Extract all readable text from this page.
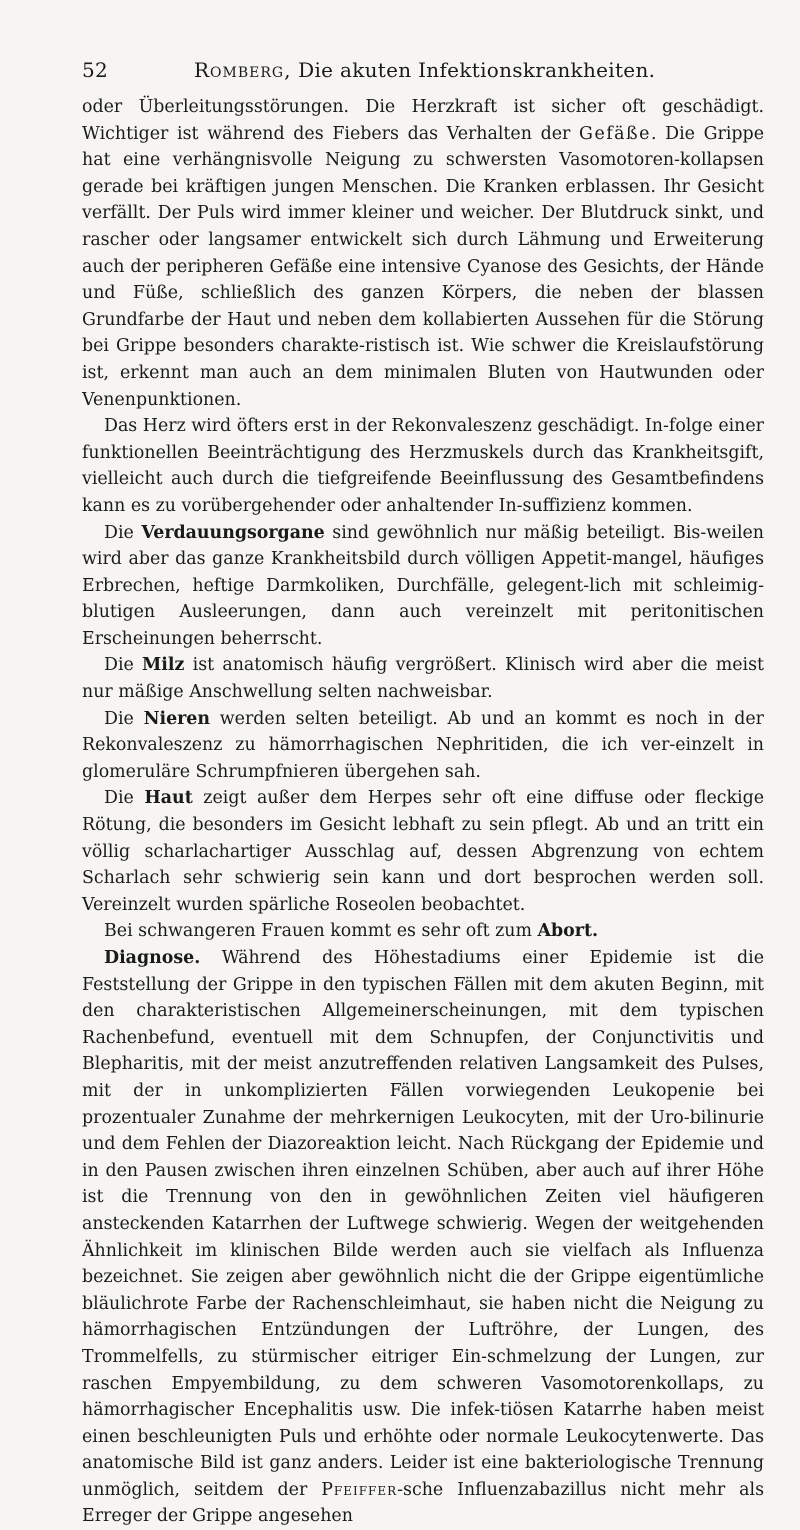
52	Romberg, Die akuten Infektionskrankheiten.

oder Überleitungsstörungen. Die Herzkraft ist sicher oft geschädigt. Wichtiger ist während des Fiebers das Verhalten der Gefäße. Die Grippe hat eine verhängnisvolle Neigung zu schwersten Vasomotoren-kollapsen gerade bei kräftigen jungen Menschen. Die Kranken erblassen. Ihr Gesicht verfällt. Der Puls wird immer kleiner und weicher. Der Blutdruck sinkt, und rascher oder langsamer entwickelt sich durch Lähmung und Erweiterung auch der peripheren Gefäße eine intensive Cyanose des Gesichts, der Hände und Füße, schließlich des ganzen Körpers, die neben der blassen Grundfarbe der Haut und neben dem kollabierten Aussehen für die Störung bei Grippe besonders charakte-ristisch ist. Wie schwer die Kreislaufstörung ist, erkennt man auch an dem minimalen Bluten von Hautwunden oder Venenpunktionen.

Das Herz wird öfters erst in der Rekonvaleszenz geschädigt. In-folge einer funktionellen Beeinträchtigung des Herzmuskels durch das Krankheitsgift, vielleicht auch durch die tiefgreifende Beeinflussung des Gesamtbefindens kann es zu vorübergehender oder anhaltender In-suffizienz kommen.

Die Verdauungsorgane sind gewöhnlich nur mäßig beteiligt. Bis-weilen wird aber das ganze Krankheitsbild durch völligen Appetit-mangel, häufiges Erbrechen, heftige Darmkoliken, Durchfälle, gelegent-lich mit schleimig-blutigen Ausleerungen, dann auch vereinzelt mit peritonitischen Erscheinungen beherrscht.

Die Milz ist anatomisch häufig vergrößert. Klinisch wird aber die meist nur mäßige Anschwellung selten nachweisbar.

Die Nieren werden selten beteiligt. Ab und an kommt es noch in der Rekonvaleszenz zu hämorrhagischen Nephritiden, die ich ver-einzelt in glomeruläre Schrumpfnieren übergehen sah.

Die Haut zeigt außer dem Herpes sehr oft eine diffuse oder fleckige Rötung, die besonders im Gesicht lebhaft zu sein pflegt. Ab und an tritt ein völlig scharlachartiger Ausschlag auf, dessen Abgrenzung von echtem Scharlach sehr schwierig sein kann und dort besprochen werden soll. Vereinzelt wurden spärliche Roseolen beobachtet.

Bei schwangeren Frauen kommt es sehr oft zum Abort.

Diagnose. Während des Höhestadiums einer Epidemie ist die Feststellung der Grippe in den typischen Fällen mit dem akuten Beginn, mit den charakteristischen Allgemeinerscheinungen, mit dem typischen Rachenbefund, eventuell mit dem Schnupfen, der Conjunctivitis und Blepharitis, mit der meist anzutreffenden relativen Langsamkeit des Pulses, mit der in unkomplizierten Fällen vorwiegenden Leukopenie bei prozentualer Zunahme der mehrkernigen Leukocyten, mit der Uro-bilinurie und dem Fehlen der Diazoreaktion leicht. Nach Rückgang der Epidemie und in den Pausen zwischen ihren einzelnen Schüben, aber auch auf ihrer Höhe ist die Trennung von den in gewöhnlichen Zeiten viel häufigeren ansteckenden Katarrhen der Luftwege schwierig. Wegen der weitgehenden Ähnlichkeit im klinischen Bilde werden auch sie vielfach als Influenza bezeichnet. Sie zeigen aber gewöhnlich nicht die der Grippe eigentümliche bläulichrote Farbe der Rachenschleimhaut, sie haben nicht die Neigung zu hämorrhagischen Entzündungen der Luftröhre, der Lungen, des Trommelfells, zu stürmischer eitriger Ein-schmelzung der Lungen, zur raschen Empyembildung, zu dem schweren Vasomotorenkollaps, zu hämorrhagischer Encephalitis usw. Die infek-tiösen Katarrhe haben meist einen beschleunigten Puls und erhöhte oder normale Leukocytenwerte. Das anatomische Bild ist ganz anders. Leider ist eine bakteriologische Trennung unmöglich, seitdem der Pfeiffer-sche Influenzabazillus nicht mehr als Erreger der Grippe angesehen
